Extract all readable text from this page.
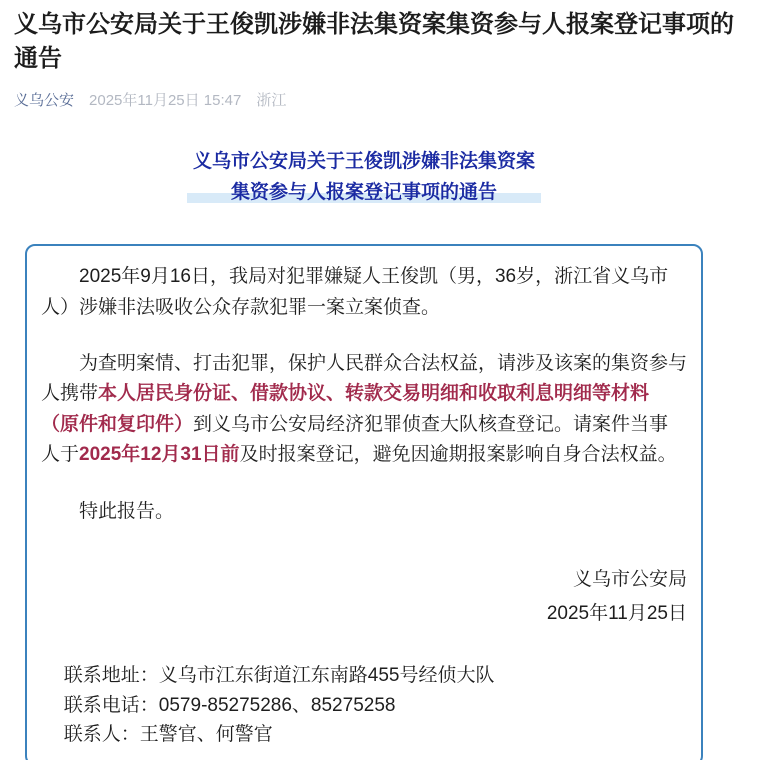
义乌市公安局关于王俊凯涉嫌非法集资案集资参与人报案登记事项的通告
义乌公安 2025年11月25日 15:47 浙江
义乌市公安局关于王俊凯涉嫌非法集资案
集资参与人报案登记事项的通告

2025年9月16日，我局对犯罪嫌疑人王俊凯（男，36岁，浙江省义乌市人）涉嫌非法吸收公众存款犯罪一案立案侦查。

为查明案情、打击犯罪，保护人民群众合法权益，请涉及该案的集资参与人携带本人居民身份证、借款协议、转款交易明细和收取利息明细等材料（原件和复印件）到义乌市公安局经济犯罪侦查大队核查登记。请案件当事人于2025年12月31日前及时报案登记，避免因逾期报案影响自身合法权益。

特此报告。

义乌市公安局
2025年11月25日

联系地址：义乌市江东街道江东南路455号经侦大队

联系电话：0579-85275286、85275258

联系人：王警官、何警官
